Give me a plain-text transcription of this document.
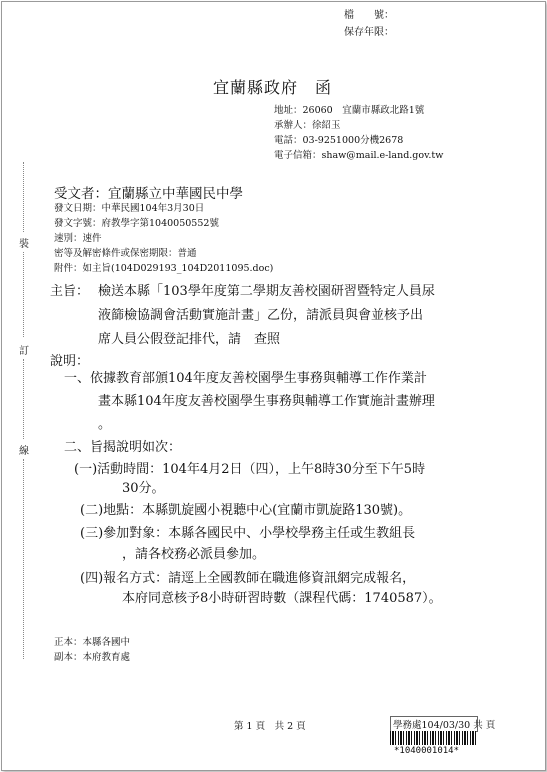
檔　　號：
保存年限：
宜蘭縣政府　函
地址：26060　宜蘭市縣政北路1號
承辦人：徐紹玉
電話：03-9251000分機2678
電子信箱：shaw@mail.e-land.gov.tw
受文者：宜蘭縣立中華國民中學
發文日期：中華民國104年3月30日
發文字號：府教學字第1040050552號
速別：速件
密等及解密條件或保密期限：普通
附件：如主旨(104D029193_104D2011095.doc)
裝
訂
線
主旨： 檢送本縣「103學年度第二學期友善校園研習暨特定人員尿
液篩檢協調會活動實施計畫」乙份，請派員與會並核予出
席人員公假登記排代，請　查照
說明：
一、依據教育部頒104年度友善校園學生事務與輔導工作作業計
畫本縣104年度友善校園學生事務與輔導工作實施計畫辦理
。
二、旨揭說明如次：
(一)活動時間：104年4月2日（四），上午8時30分至下午5時
30分。
(二)地點：本縣凱旋國小視聽中心(宜蘭市凱旋路130號)。
(三)參加對象：本縣各國民中、小學校學務主任或生教組長
，請各校務必派員參加。
(四)報名方式：請逕上全國教師在職進修資訊網完成報名，
本府同意核予8小時研習時數（課程代碼：1740587）。
正本：本縣各國中
副本：本府教育處
第 1 頁　共 2 頁	學務處104/03/30 共 頁
*1040001014*
